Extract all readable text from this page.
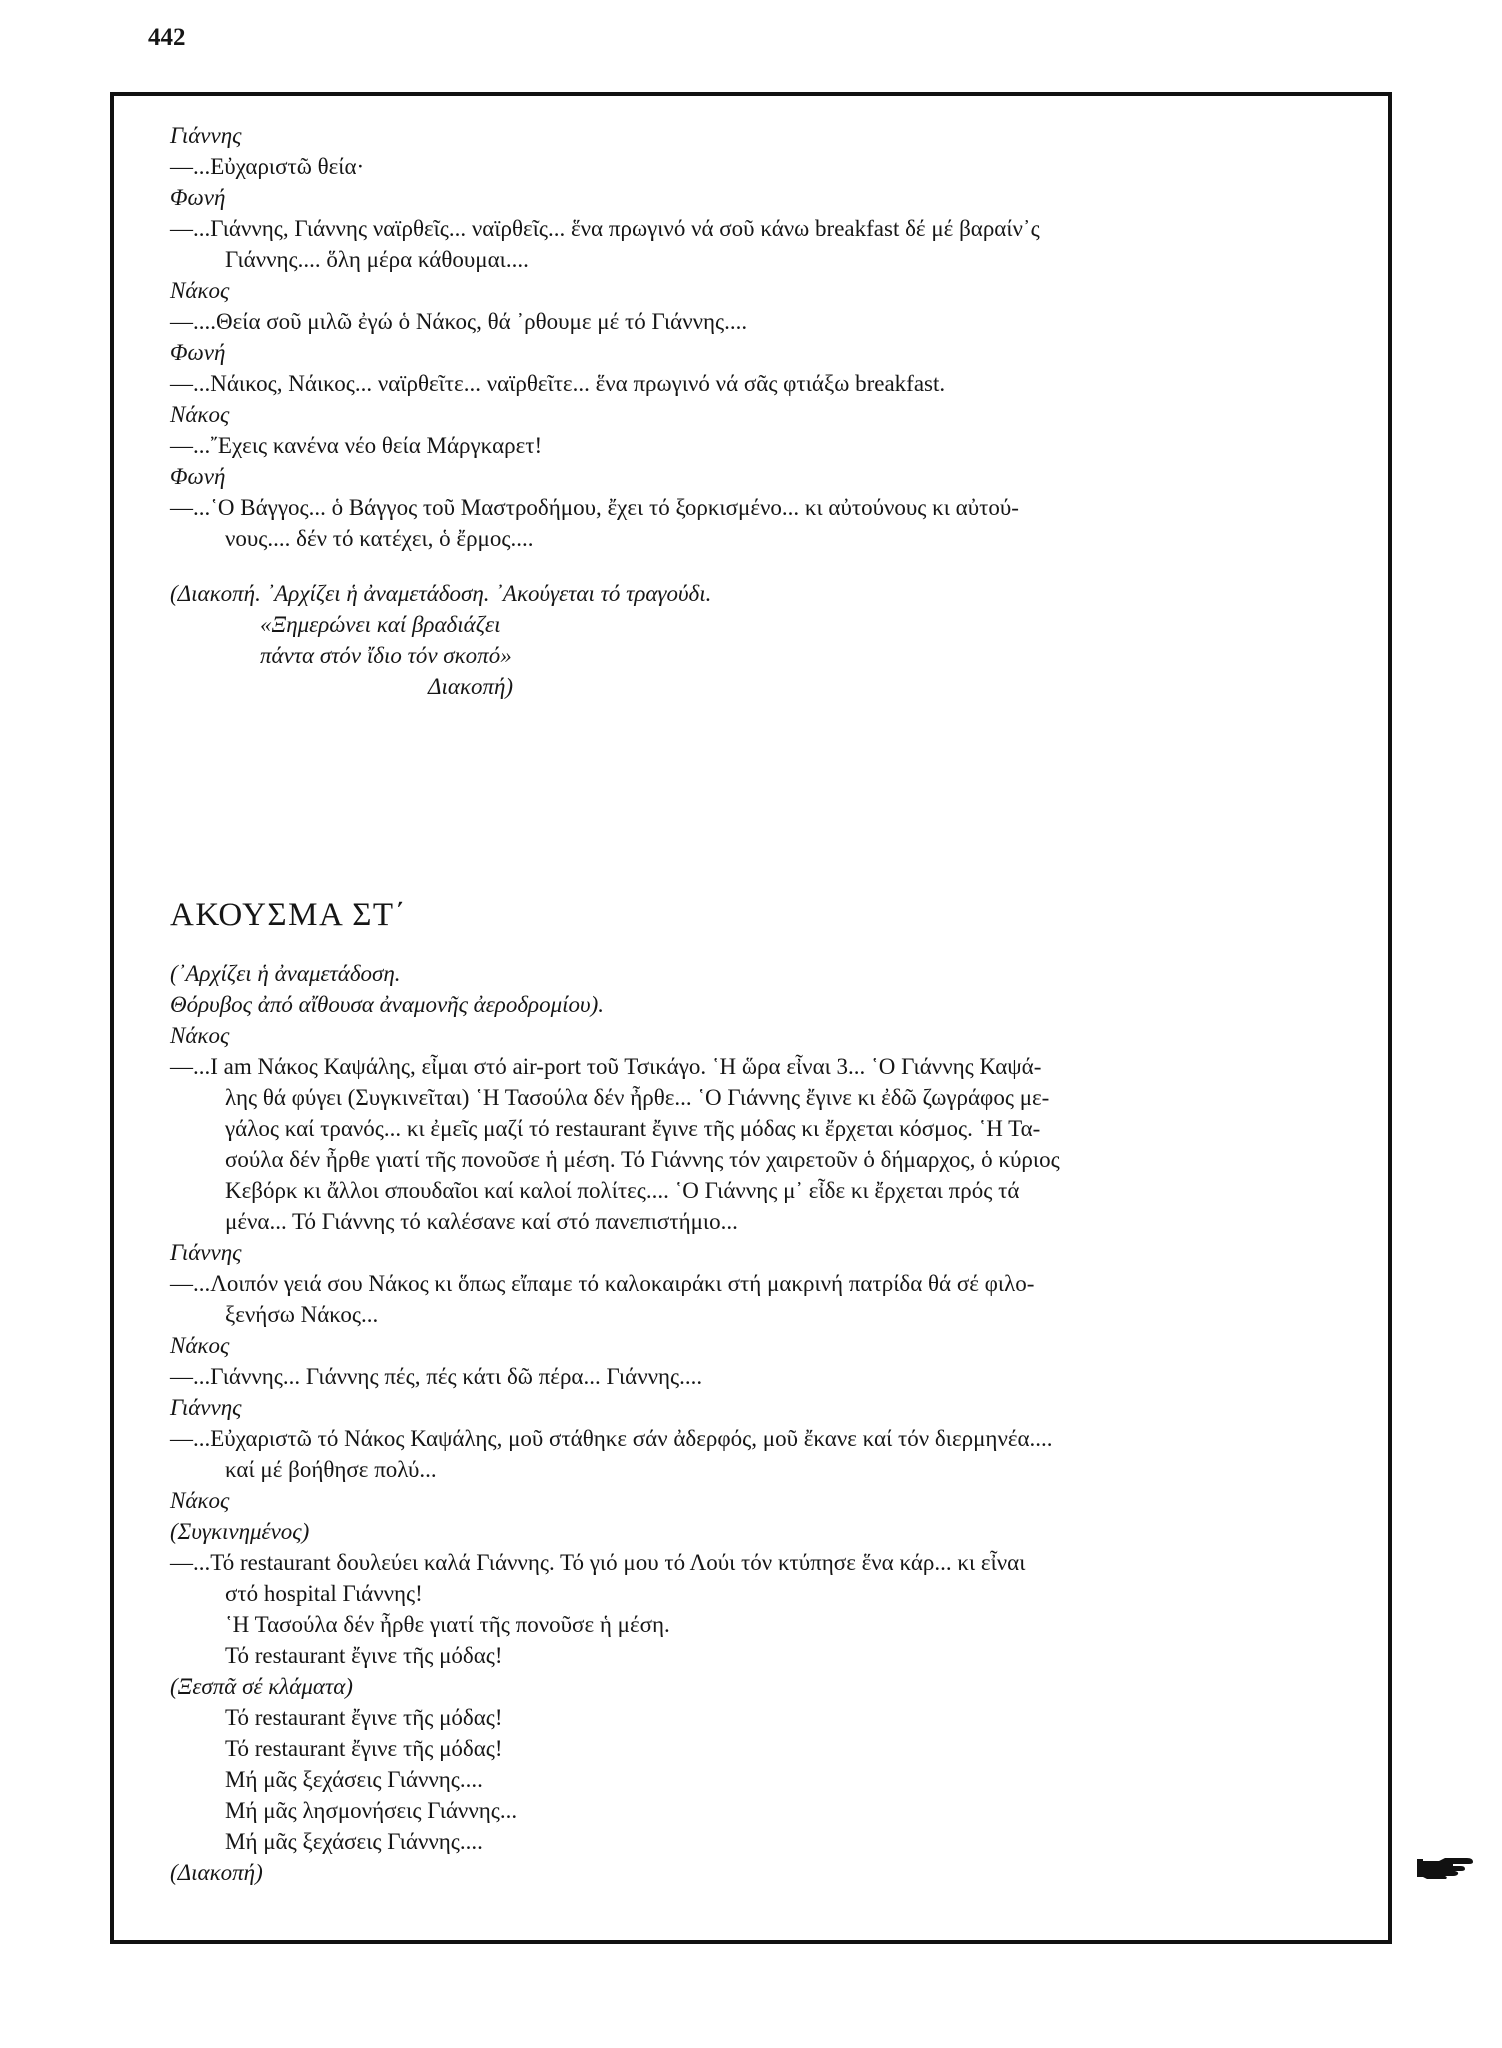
442
Γιάννης
—...Εὐχαριστῶ θεία·
Φωνή
—...Γιάννης, Γιάννης ναϊρθεῖς... ναϊρθεῖς... ἕνα πρωγινό νά σοῦ κάνω breakfast δέ μέ βαραίν᾿ς
Γιάννης.... ὅλη μέρα κάθουμαι....
Νάκος
—....Θεία σοῦ μιλῶ ἐγώ ὁ Νάκος, θά ᾿ρθουμε μέ τό Γιάννης....
Φωνή
—...Νάικος, Νάικος... ναϊρθεῖτε... ναϊρθεῖτε... ἕνα πρωγινό νά σᾶς φτιάξω breakfast.
Νάκος
—...῎Εχεις κανένα νέο θεία Μάργκαρετ!
Φωνή
—...῾Ο Βάγγος... ὁ Βάγγος τοῦ Μαστροδήμου, ἔχει τό ξορκισμένο... κι αὐτούνους κι αὐτού-
νους.... δέν τό κατέχει, ὁ ἔρμος....
(Διακοπή. ᾿Αρχίζει ἡ ἀναμετάδοση. ᾿Ακούγεται τό τραγούδι.
«Ξημερώνει καί βραδιάζει
πάντα στόν ἴδιο τόν σκοπό»
Διακοπή)
ΑΚΟΥΣΜΑ ΣΤ΄
(᾿Αρχίζει ἡ ἀναμετάδοση.
Θόρυβος ἀπό αἴθουσα ἀναμονῆς ἀεροδρομίου).
Νάκος
—...I am Νάκος Καψάλης, εἶμαι στό air-port τοῦ Τσικάγο. ῾Η ὥρα εἶναι 3... ῾Ο Γιάννης Καψά-
λης θά φύγει (Συγκινεῖται) ῾Η Τασούλα δέν ἦρθε... ῾Ο Γιάννης ἔγινε κι ἐδῶ ζωγράφος με-
γάλος καί τρανός... κι ἐμεῖς μαζί τό restaurant ἔγινε τῆς μόδας κι ἔρχεται κόσμος. ῾Η Τα-
σούλα δέν ἦρθε γιατί τῆς πονοῦσε ἡ μέση. Τό Γιάννης τόν χαιρετοῦν ὁ δήμαρχος, ὁ κύριος
Κεβόρκ κι ἄλλοι σπουδαῖοι καί καλοί πολίτες.... ῾Ο Γιάννης μ᾿ εἶδε κι ἔρχεται πρός τά
μένα... Τό Γιάννης τό καλέσανε καί στό πανεπιστήμιο...
Γιάννης
—...Λοιπόν γειά σου Νάκος κι ὅπως εἴπαμε τό καλοκαιράκι στή μακρινή πατρίδα θά σέ φιλο-
ξενήσω Νάκος...
Νάκος
—...Γιάννης... Γιάννης πές, πές κάτι δῶ πέρα... Γιάννης....
Γιάννης
—...Εὐχαριστῶ τό Νάκος Καψάλης, μοῦ στάθηκε σάν ἀδερφός, μοῦ ἔκανε καί τόν διερμηνέα....
καί μέ βοήθησε πολύ...
Νάκος
(Συγκινημένος)
—...Τό restaurant δουλεύει καλά Γιάννης. Τό γιό μου τό Λούι τόν κτύπησε ἕνα κάρ... κι εἶναι
στό hospital Γιάννης!
῾Η Τασούλα δέν ἦρθε γιατί τῆς πονοῦσε ἡ μέση.
Τό restaurant ἔγινε τῆς μόδας!
(Ξεσπᾶ σέ κλάματα)
Τό restaurant ἔγινε τῆς μόδας!
Τό restaurant ἔγινε τῆς μόδας!
Μή μᾶς ξεχάσεις Γιάννης....
Μή μᾶς λησμονήσεις Γιάννης...
Μή μᾶς ξεχάσεις Γιάννης....
(Διακοπή)
